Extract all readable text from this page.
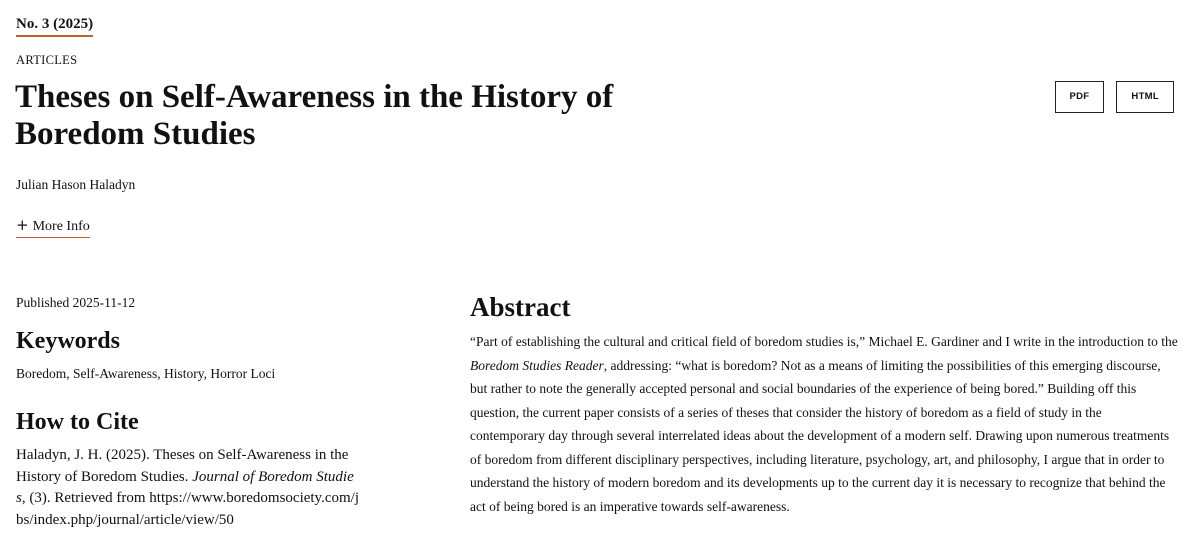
No. 3 (2025)
ARTICLES
Theses on Self-Awareness in the History of Boredom Studies
PDF	HTML
Julian Hason Haladyn
+ More Info
Published 2025-11-12
Keywords
Boredom, Self-Awareness, History, Horror Loci
How to Cite
Haladyn, J. H. (2025). Theses on Self-Awareness in the History of Boredom Studies. Journal of Boredom Studies, (3). Retrieved from https://www.boredomsociety.com/jbs/index.php/journal/article/view/50
Abstract
“Part of establishing the cultural and critical field of boredom studies is,” Michael E. Gardiner and I write in the introduction to the Boredom Studies Reader, addressing: “what is boredom? Not as a means of limiting the possibilities of this emerging discourse, but rather to note the generally accepted personal and social boundaries of the experience of being bored.” Building off this question, the current paper consists of a series of theses that consider the history of boredom as a field of study in the contemporary day through several interrelated ideas about the development of a modern self. Drawing upon numerous treatments of boredom from different disciplinary perspectives, including literature, psychology, art, and philosophy, I argue that in order to understand the history of modern boredom and its developments up to the current day it is necessary to recognize that behind the act of being bored is an imperative towards self-awareness.
